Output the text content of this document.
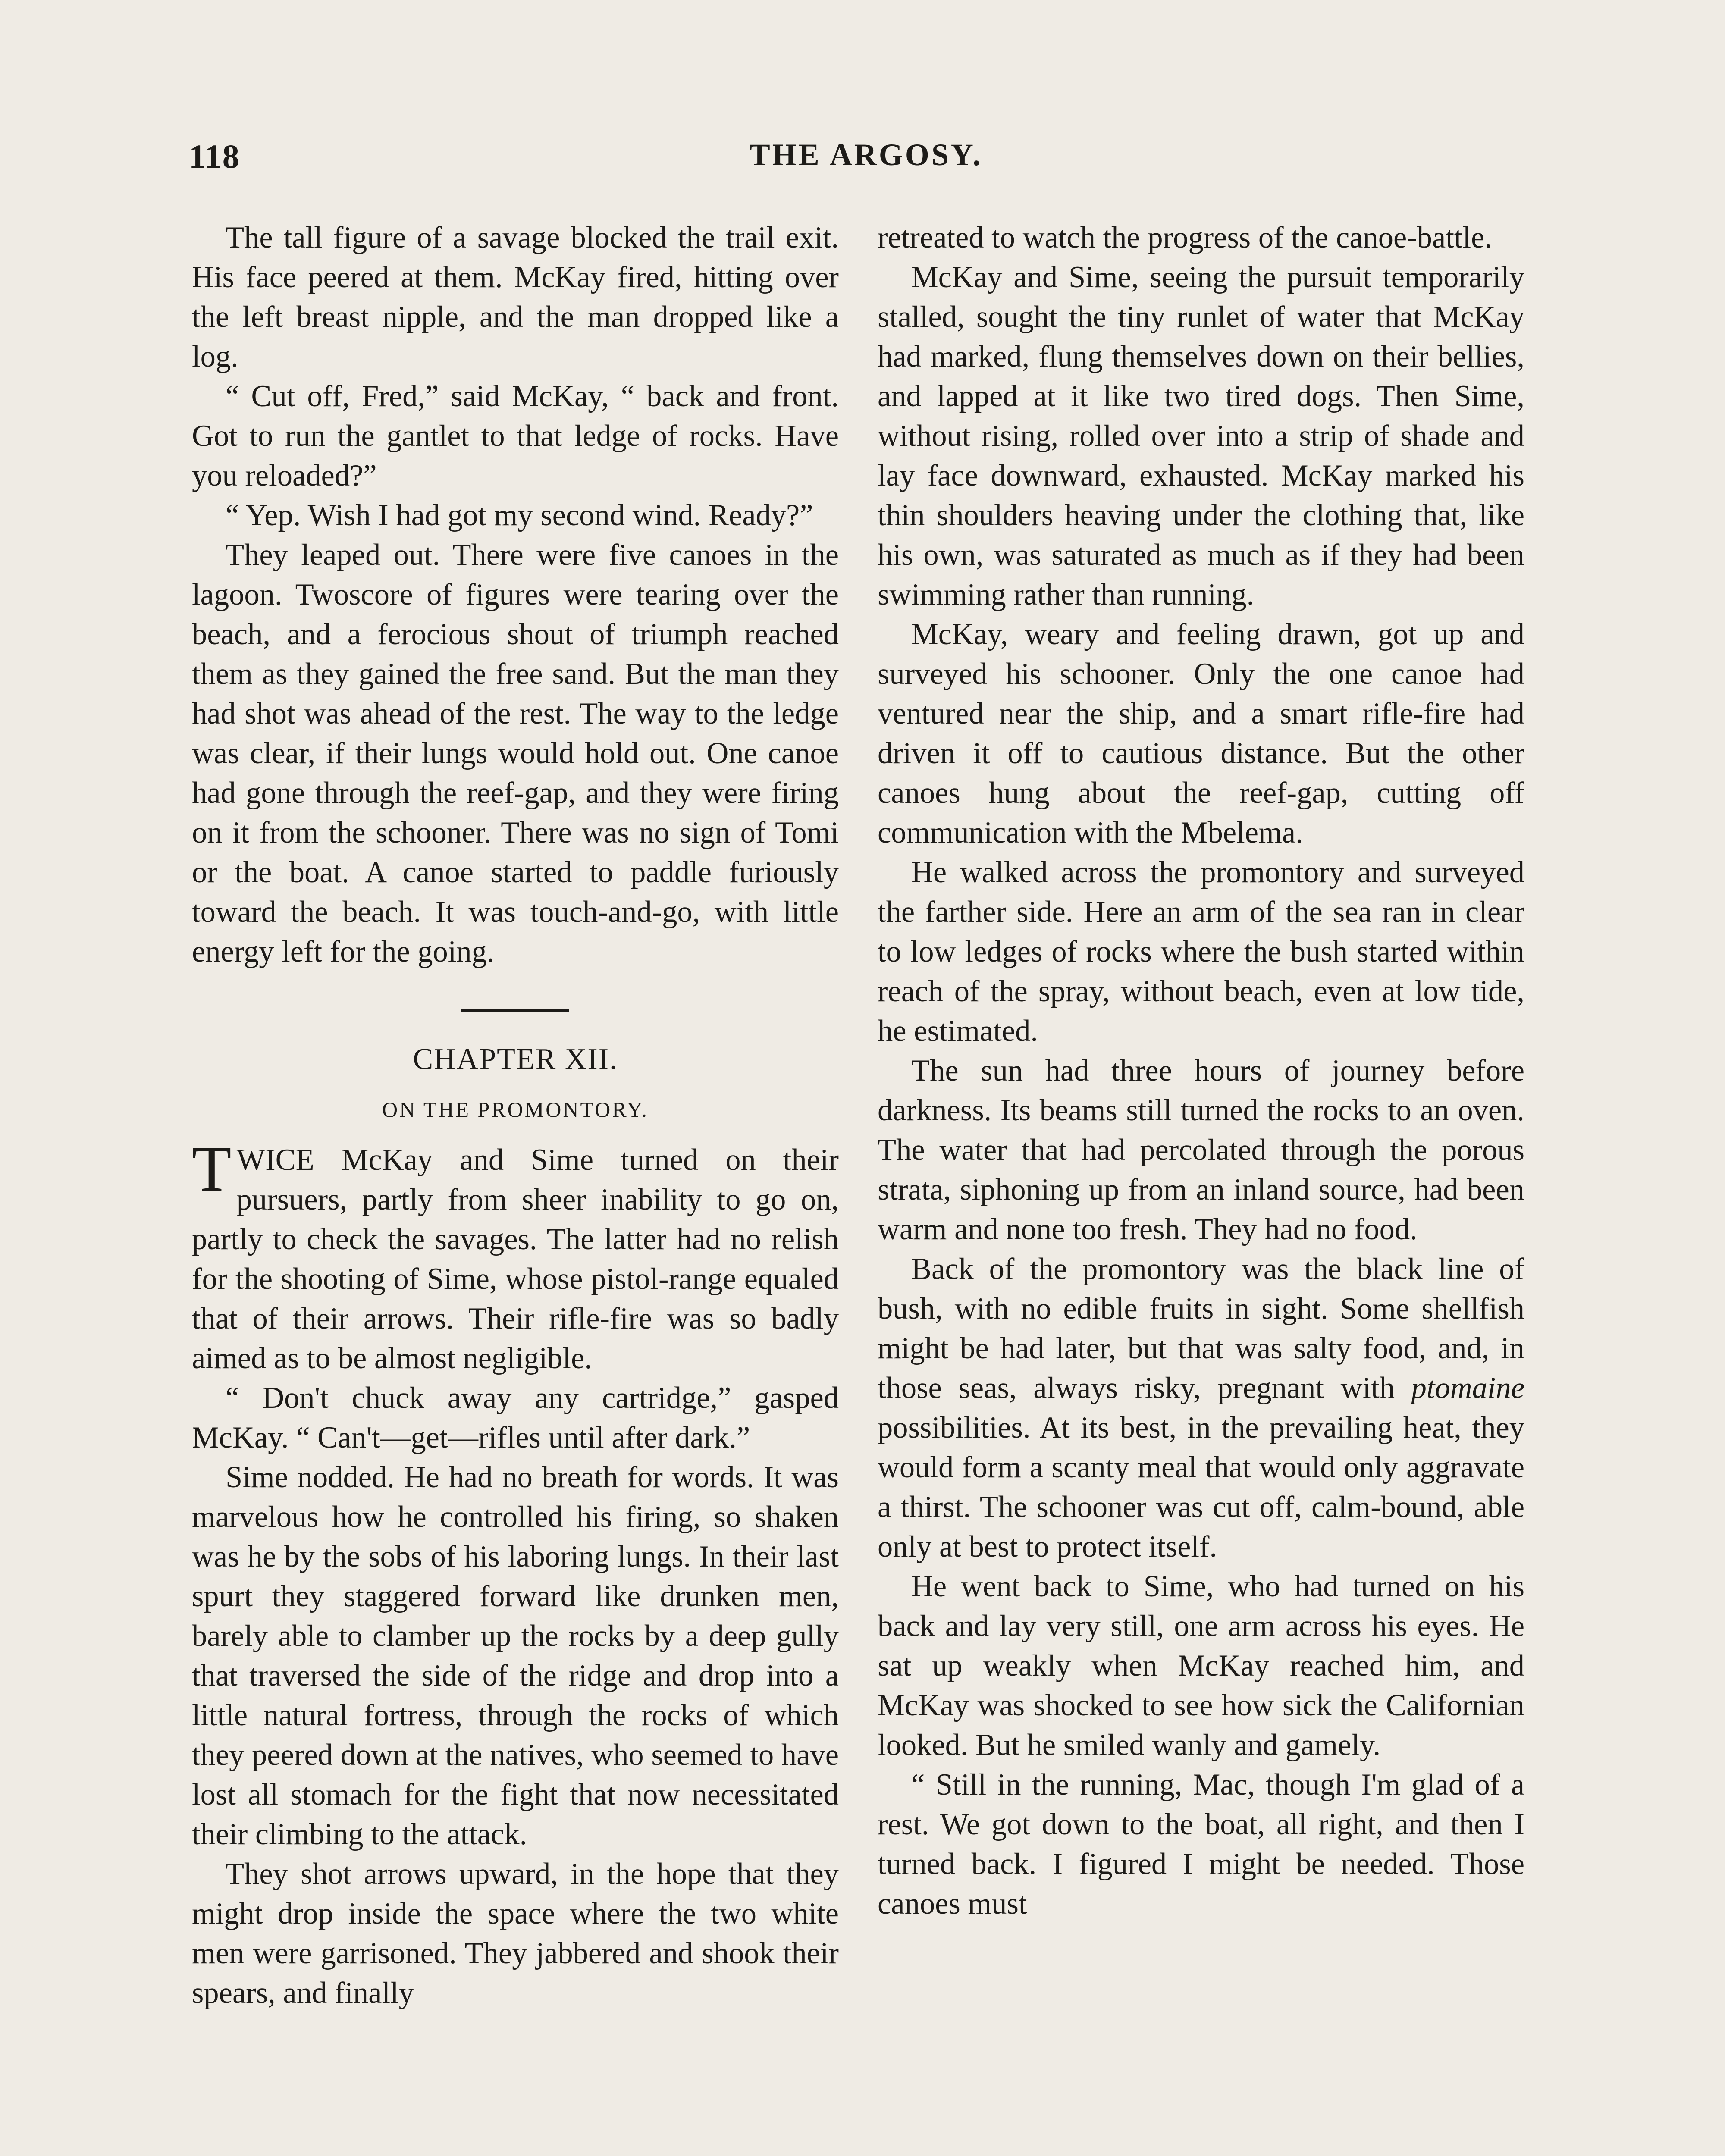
118	THE ARGOSY.

The tall figure of a savage blocked the trail exit. His face peered at them. McKay fired, hitting over the left breast nipple, and the man dropped like a log.

“ Cut off, Fred,” said McKay, “ back and front. Got to run the gantlet to that ledge of rocks. Have you reloaded?”

“ Yep. Wish I had got my second wind. Ready?”

They leaped out. There were five canoes in the lagoon. Twoscore of figures were tearing over the beach, and a ferocious shout of triumph reached them as they gained the free sand. But the man they had shot was ahead of the rest. The way to the ledge was clear, if their lungs would hold out. One canoe had gone through the reef-gap, and they were firing on it from the schooner. There was no sign of Tomi or the boat. A canoe started to paddle furiously toward the beach. It was touch-and-go, with little energy left for the going.

CHAPTER XII.
ON THE PROMONTORY.

TWICE McKay and Sime turned on their pursuers, partly from sheer inability to go on, partly to check the savages. The latter had no relish for the shooting of Sime, whose pistol-range equaled that of their arrows. Their rifle-fire was so badly aimed as to be almost negligible.

“ Don't chuck away any cartridge,” gasped McKay. “ Can't—get—rifles until after dark.”

Sime nodded. He had no breath for words. It was marvelous how he controlled his firing, so shaken was he by the sobs of his laboring lungs. In their last spurt they staggered forward like drunken men, barely able to clamber up the rocks by a deep gully that traversed the side of the ridge and drop into a little natural fortress, through the rocks of which they peered down at the natives, who seemed to have lost all stomach for the fight that now necessitated their climbing to the attack.

They shot arrows upward, in the hope that they might drop inside the space where the two white men were garrisoned. They jabbered and shook their spears, and finally

retreated to watch the progress of the canoe-battle.

McKay and Sime, seeing the pursuit temporarily stalled, sought the tiny runlet of water that McKay had marked, flung themselves down on their bellies, and lapped at it like two tired dogs. Then Sime, without rising, rolled over into a strip of shade and lay face downward, exhausted. McKay marked his thin shoulders heaving under the clothing that, like his own, was saturated as much as if they had been swimming rather than running.

McKay, weary and feeling drawn, got up and surveyed his schooner. Only the one canoe had ventured near the ship, and a smart rifle-fire had driven it off to cautious distance. But the other canoes hung about the reef-gap, cutting off communication with the Mbelema.

He walked across the promontory and surveyed the farther side. Here an arm of the sea ran in clear to low ledges of rocks where the bush started within reach of the spray, without beach, even at low tide, he estimated.

The sun had three hours of journey before darkness. Its beams still turned the rocks to an oven. The water that had percolated through the porous strata, siphoning up from an inland source, had been warm and none too fresh. They had no food.

Back of the promontory was the black line of bush, with no edible fruits in sight. Some shellfish might be had later, but that was salty food, and, in those seas, always risky, pregnant with ptomaine possibilities. At its best, in the prevailing heat, they would form a scanty meal that would only aggravate a thirst. The schooner was cut off, calm-bound, able only at best to protect itself.

He went back to Sime, who had turned on his back and lay very still, one arm across his eyes. He sat up weakly when McKay reached him, and McKay was shocked to see how sick the Californian looked. But he smiled wanly and gamely.

“ Still in the running, Mac, though I'm glad of a rest. We got down to the boat, all right, and then I turned back. I figured I might be needed. Those canoes must
